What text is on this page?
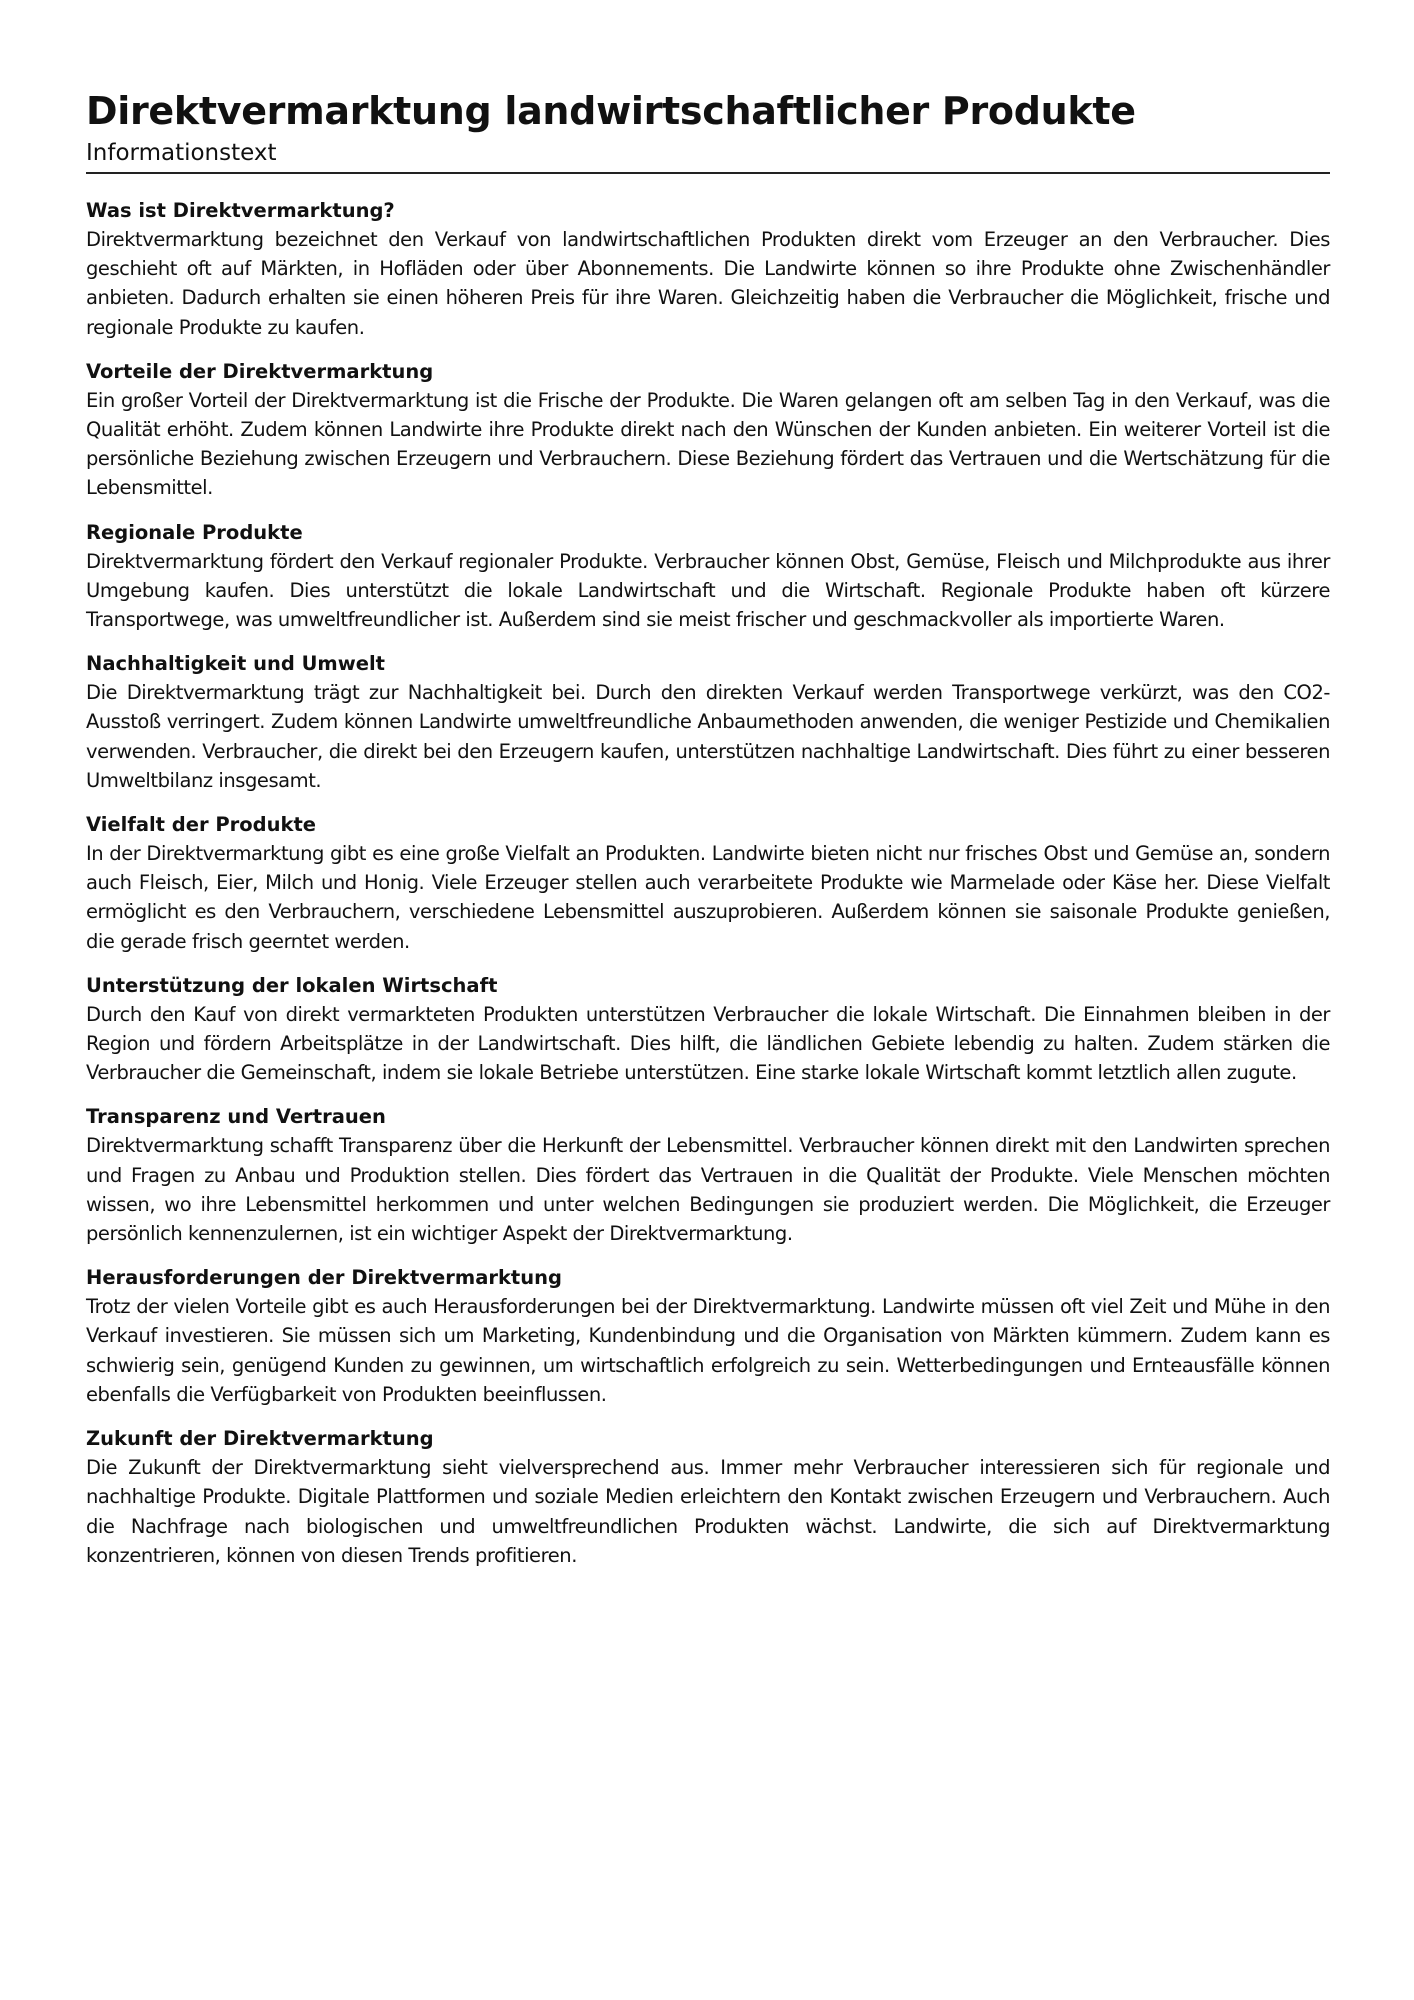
Direktvermarktung landwirtschaftlicher Produkte

Informationstext

Was ist Direktvermarktung?

Direktvermarktung bezeichnet den Verkauf von landwirtschaftlichen Produkten direkt vom Erzeuger an den Verbraucher. Dies geschieht oft auf Märkten, in Hofläden oder über Abonnements. Die Landwirte können so ihre Produkte ohne Zwischenhändler anbieten. Dadurch erhalten sie einen höheren Preis für ihre Waren. Gleichzeitig haben die Verbraucher die Möglichkeit, frische und regionale Produkte zu kaufen.

Vorteile der Direktvermarktung

Ein großer Vorteil der Direktvermarktung ist die Frische der Produkte. Die Waren gelangen oft am selben Tag in den Verkauf, was die Qualität erhöht. Zudem können Landwirte ihre Produkte direkt nach den Wünschen der Kunden anbieten. Ein weiterer Vorteil ist die persönliche Beziehung zwischen Erzeugern und Verbrauchern. Diese Beziehung fördert das Vertrauen und die Wertschätzung für die Lebensmittel.

Regionale Produkte

Direktvermarktung fördert den Verkauf regionaler Produkte. Verbraucher können Obst, Gemüse, Fleisch und Milchprodukte aus ihrer Umgebung kaufen. Dies unterstützt die lokale Landwirtschaft und die Wirtschaft. Regionale Produkte haben oft kürzere Transportwege, was umweltfreundlicher ist. Außerdem sind sie meist frischer und geschmackvoller als importierte Waren.

Nachhaltigkeit und Umwelt

Die Direktvermarktung trägt zur Nachhaltigkeit bei. Durch den direkten Verkauf werden Transportwege verkürzt, was den CO2-Ausstoß verringert. Zudem können Landwirte umweltfreundliche Anbaumethoden anwenden, die weniger Pestizide und Chemikalien verwenden. Verbraucher, die direkt bei den Erzeugern kaufen, unterstützen nachhaltige Landwirtschaft. Dies führt zu einer besseren Umweltbilanz insgesamt.

Vielfalt der Produkte

In der Direktvermarktung gibt es eine große Vielfalt an Produkten. Landwirte bieten nicht nur frisches Obst und Gemüse an, sondern auch Fleisch, Eier, Milch und Honig. Viele Erzeuger stellen auch verarbeitete Produkte wie Marmelade oder Käse her. Diese Vielfalt ermöglicht es den Verbrauchern, verschiedene Lebensmittel auszuprobieren. Außerdem können sie saisonale Produkte genießen, die gerade frisch geerntet werden.

Unterstützung der lokalen Wirtschaft

Durch den Kauf von direkt vermarkteten Produkten unterstützen Verbraucher die lokale Wirtschaft. Die Einnahmen bleiben in der Region und fördern Arbeitsplätze in der Landwirtschaft. Dies hilft, die ländlichen Gebiete lebendig zu halten. Zudem stärken die Verbraucher die Gemeinschaft, indem sie lokale Betriebe unterstützen. Eine starke lokale Wirtschaft kommt letztlich allen zugute.

Transparenz und Vertrauen

Direktvermarktung schafft Transparenz über die Herkunft der Lebensmittel. Verbraucher können direkt mit den Landwirten sprechen und Fragen zu Anbau und Produktion stellen. Dies fördert das Vertrauen in die Qualität der Produkte. Viele Menschen möchten wissen, wo ihre Lebensmittel herkommen und unter welchen Bedingungen sie produziert werden. Die Möglichkeit, die Erzeuger persönlich kennenzulernen, ist ein wichtiger Aspekt der Direktvermarktung.

Herausforderungen der Direktvermarktung

Trotz der vielen Vorteile gibt es auch Herausforderungen bei der Direktvermarktung. Landwirte müssen oft viel Zeit und Mühe in den Verkauf investieren. Sie müssen sich um Marketing, Kundenbindung und die Organisation von Märkten kümmern. Zudem kann es schwierig sein, genügend Kunden zu gewinnen, um wirtschaftlich erfolgreich zu sein. Wetterbedingungen und Ernteausfälle können ebenfalls die Verfügbarkeit von Produkten beeinflussen.

Zukunft der Direktvermarktung

Die Zukunft der Direktvermarktung sieht vielversprechend aus. Immer mehr Verbraucher interessieren sich für regionale und nachhaltige Produkte. Digitale Plattformen und soziale Medien erleichtern den Kontakt zwischen Erzeugern und Verbrauchern. Auch die Nachfrage nach biologischen und umweltfreundlichen Produkten wächst. Landwirte, die sich auf Direktvermarktung konzentrieren, können von diesen Trends profitieren.
